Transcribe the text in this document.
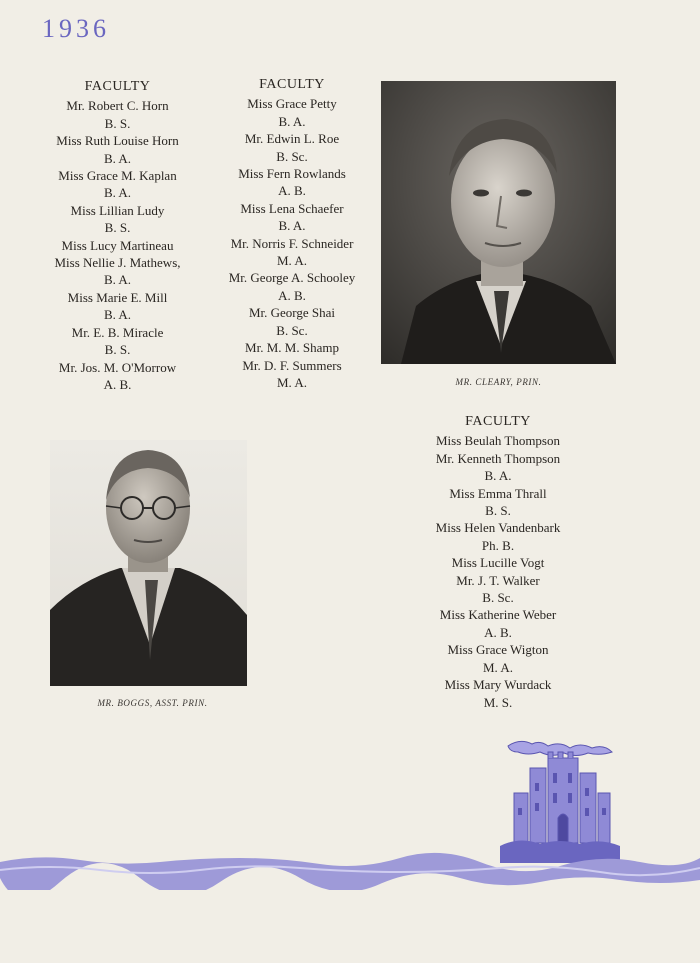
1936
FACULTY
Mr. Robert C. Horn
B. S.
Miss Ruth Louise Horn
B. A.
Miss Grace M. Kaplan
B. A.
Miss Lillian Ludy
B. S.
Miss Lucy Martineau
Miss Nellie J. Mathews,
B. A.
Miss Marie E. Mill
B. A.
Mr. E. B. Miracle
B. S.
Mr. Jos. M. O'Morrow
A. B.
FACULTY
Miss Grace Petty
B. A.
Mr. Edwin L. Roe
B. Sc.
Miss Fern Rowlands
A. B.
Miss Lena Schaefer
B. A.
Mr. Norris F. Schneider
M. A.
Mr. George A. Schooley
A. B.
Mr. George Shai
B. Sc.
Mr. M. M. Shamp
Mr. D. F. Summers
M. A.
FACULTY
Miss Beulah Thompson
Mr. Kenneth Thompson
B. A.
Miss Emma Thrall
B. S.
Miss Helen Vandenbark
Ph. B.
Miss Lucille Vogt
Mr. J. T. Walker
B. Sc.
Miss Katherine Weber
A. B.
Miss Grace Wigton
M. A.
Miss Mary Wurdack
M. S.
MR. CLEARY, PRIN.
MR. BOGGS, ASST. PRIN.
